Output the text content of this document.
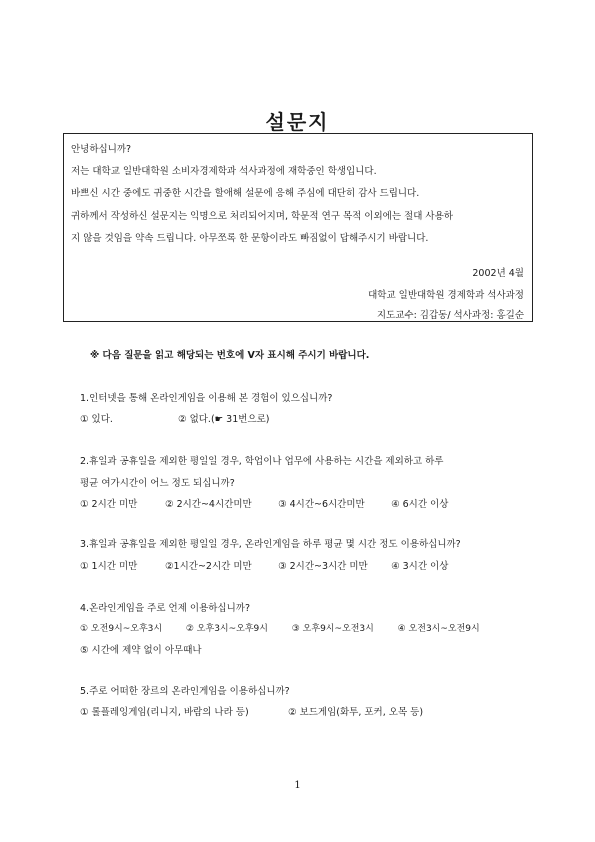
설문지
안녕하십니까?
저는 대학교 일반대학원 소비자경제학과 석사과정에 재학중인 학생입니다.
바쁘신 시간 중에도 귀중한 시간을 할애해 설문에 응해 주심에 대단히 감사 드립니다.
귀하께서 작성하신 설문지는 익명으로 처리되어지며, 학문적 연구 목적 이외에는 절대 사용하
지 않을 것임을 약속 드립니다. 아무쪼록 한 문항이라도 빠짐없이 답해주시기 바랍니다.
2002년 4월
대학교 일반대학원 경제학과 석사과정
지도교수: 김갑동/ 석사과정: 홍길순
※ 다음 질문을 읽고 해당되는 번호에 V자 표시해 주시기 바랍니다.
1.인터넷을 통해 온라인게임을 이용해 본 경험이 있으십니까?
① 있다.	② 없다.(☛ 31번으로)
2.휴일과 공휴일을 제외한 평일일 경우, 학업이나 업무에 사용하는 시간을 제외하고 하루
평균 여가시간이 어느 정도 되십니까?
① 2시간 미만	② 2시간~4시간미만	③ 4시간~6시간미만	④ 6시간 이상
3.휴일과 공휴일을 제외한 평일일 경우, 온라인게임을 하루 평균 몇 시간 정도 이용하십니까?
① 1시간 미만	②1시간~2시간 미만	③ 2시간~3시간 미만 ④ 3시간 이상
4.온라인게임을 주로 언제 이용하십니까?
① 오전9시~오후3시	② 오후3시~오후9시	③ 오후9시~오전3시	④ 오전3시~오전9시
⑤ 시간에 제약 없이 아무때나
5.주로 어떠한 장르의 온라인게임을 이용하십니까?
① 롤플레잉게임(리니지, 바람의 나라 등)	② 보드게임(화투, 포커, 오목 등)
1
